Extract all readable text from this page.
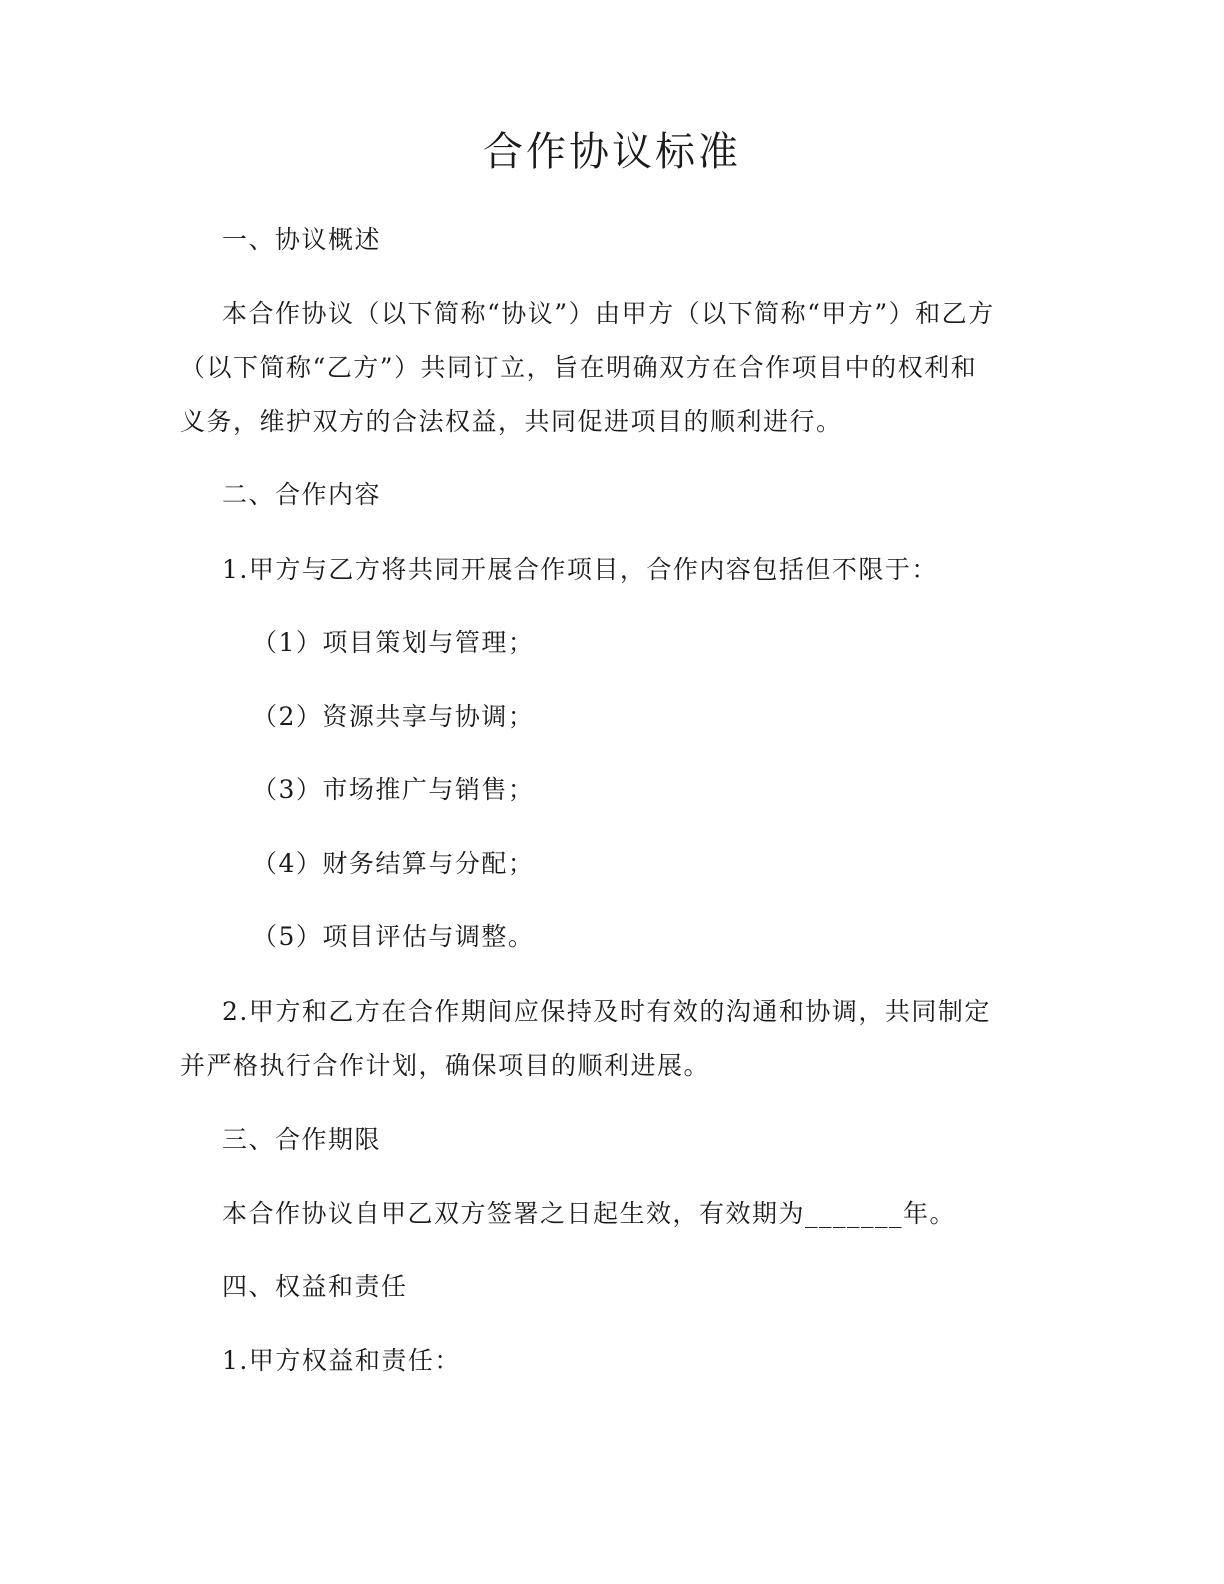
合作协议标准

一、协议概述

本合作协议（以下简称“协议”）由甲方（以下简称“甲方”）和乙方

（以下简称“乙方”）共同订立，旨在明确双方在合作项目中的权利和

义务，维护双方的合法权益，共同促进项目的顺利进行。

二、合作内容

1.甲方与乙方将共同开展合作项目，合作内容包括但不限于：

（1）项目策划与管理；

（2）资源共享与协调；

（3）市场推广与销售；

（4）财务结算与分配；

（5）项目评估与调整。

2.甲方和乙方在合作期间应保持及时有效的沟通和协调，共同制定

并严格执行合作计划，确保项目的顺利进展。

三、合作期限

本合作协议自甲乙双方签署之日起生效，有效期为_______年。

四、权益和责任

1.甲方权益和责任：
